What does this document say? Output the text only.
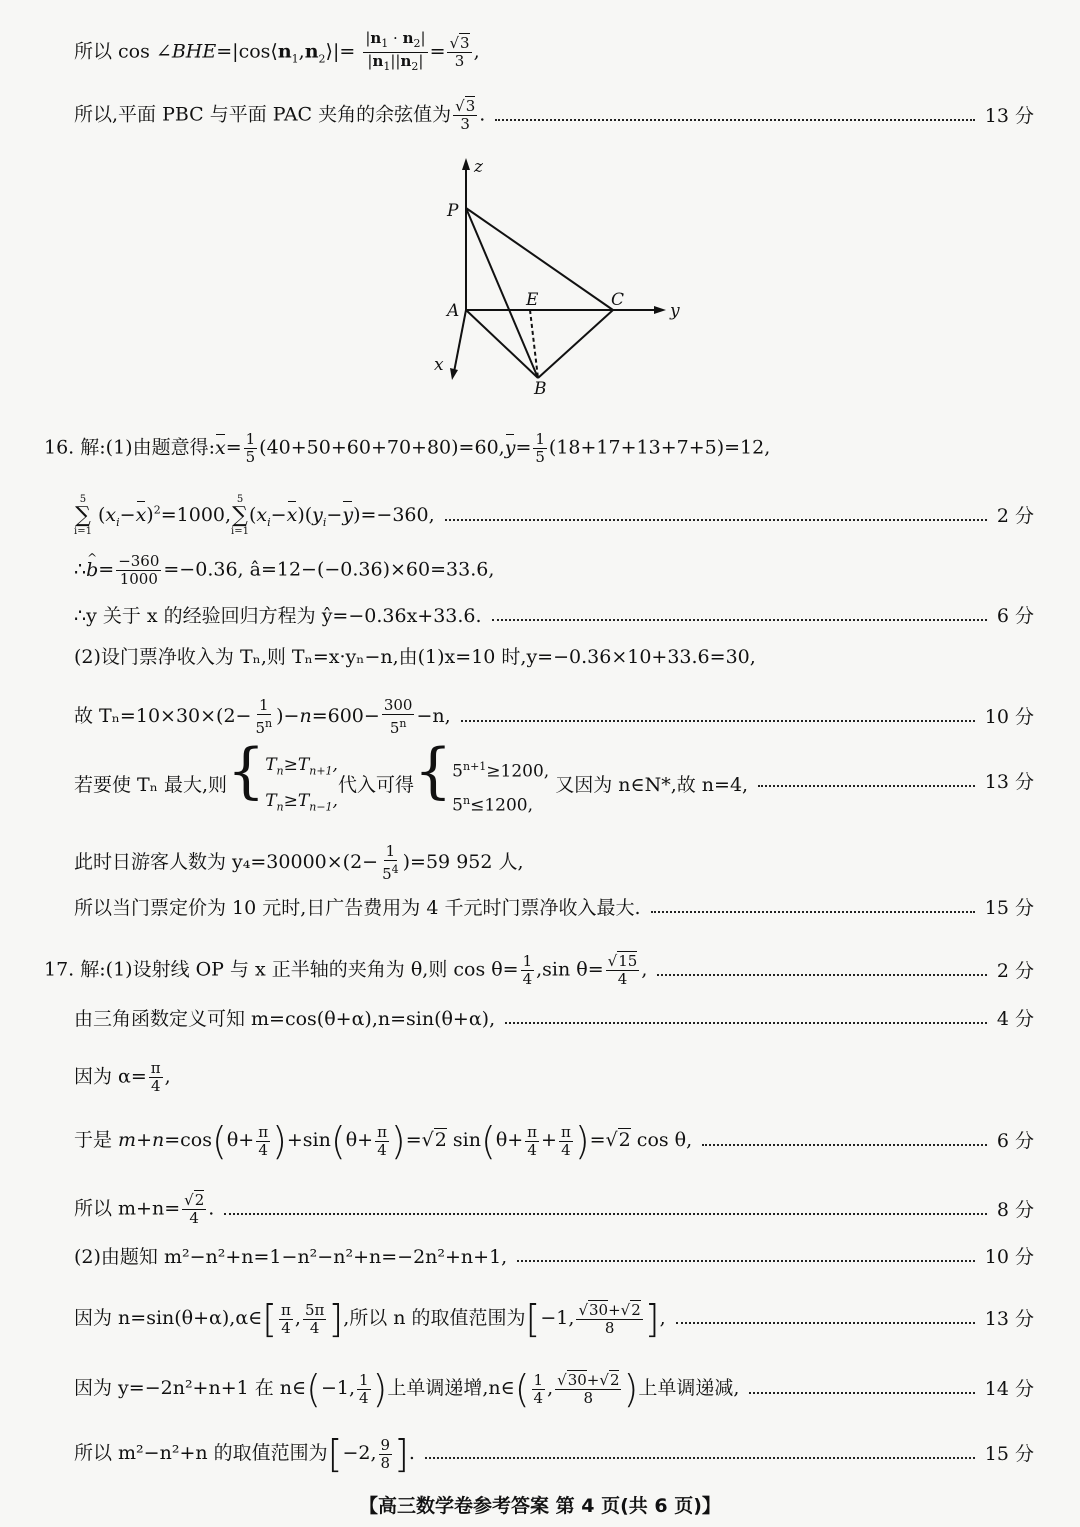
所以 $\cos \angle BHE=|\cos⟨n_1,n_2⟩|= \frac{|n_1 \cdot n_2|}{|n_1||n_2|} = \frac{√3}{3}$ ,
所以,平面 PBC 与平面 PAC 夹角的余弦值为 $\frac{√3}{3}$ .	13 分
z
P
E	C
y
A
x
B
16. 解:(1)由题意得:x= $\frac{1}{5} (40+50+60+70+80)=60,y= \frac{1}{5} (18+17+13+7+5)=12$,
5
∑
i=1
$(x_i-x)^2=1000$,
5
∑
i=1
$(x_i-x)(y_i-y)=-360$,	2 分
∴^ $b= \frac{-360}{1000} =-0.36$, â=12−(−0.36)×60=33.6,
∴y 关于 x 的经验回归方程为 ŷ=−0.36x+33.6.	6 分
(2)设门票净收入为 Tₙ,则 Tₙ=x·yₙ−n,由(1)x=10 时,y=−0.36×10+33.6=30,
故 $T_n=10\times 30\times(2- \frac{1}{5^n} )-n=600- \frac{300}{5^n} -n$,	10 分
若要使 Tₙ 最大,则{ $T_n\ge T_{n+1}$,
$T_n\ge T_{n-1}$,
代入可得{ $5^{n+1}\ge 1200$,
$5^n\le 1200$,
又因为 n∈N*,故 n=4,	13 分
此时日游客人数为 $y_4=30000\times(2- \frac{1}{5^4} )=59$ 952 人,
所以当门票定价为 10 元时,日广告费用为 4 千元时门票净收入最大.	15 分
17. 解:(1)设射线 OP 与 x 正半轴的夹角为 θ,则 $\cos \theta= \frac{1}{4} ,\sin$ $\theta= \frac{√15}{4}$ ,	2 分
由三角函数定义可知 m=cos(θ+α),n=sin(θ+α),	4 分
因为 $\alpha= \frac{\pi}{4}$ ,
于是 $m+n=\cos(\theta+ \frac{\pi}{4} )+\sin(\theta+ \frac{\pi}{4} )=√2$ $\sin(\theta+ \frac{\pi}{4} + \frac{\pi}{4} )=√2$ cos θ,	6 分
所以 $m+n= \frac{√2}{4}$ .	8 分
(2)由题知 m²−n²+n=1−n²−n²+n=−2n²+n+1,	10 分
因为 n=sin(θ+α),α∈[ $\frac{\pi}{4}$ , $\frac{5\pi}{4}$ ],所以 n 的取值范围为[−1, $\frac{√30+√2}{8}$ ],	13 分
因为 y=−2n²+n+1 在 n∈(−1, $\frac{1}{4}$ )上单调递增,n∈( $\frac{1}{4}$ , $\frac{√30+√2}{8}$ )上单调递减,	14 分
所以 m²−n²+n 的取值范围为[−2, $\frac{9}{8}$ ].	15 分
【高三数学卷参考答案 第 4 页(共 6 页)】
